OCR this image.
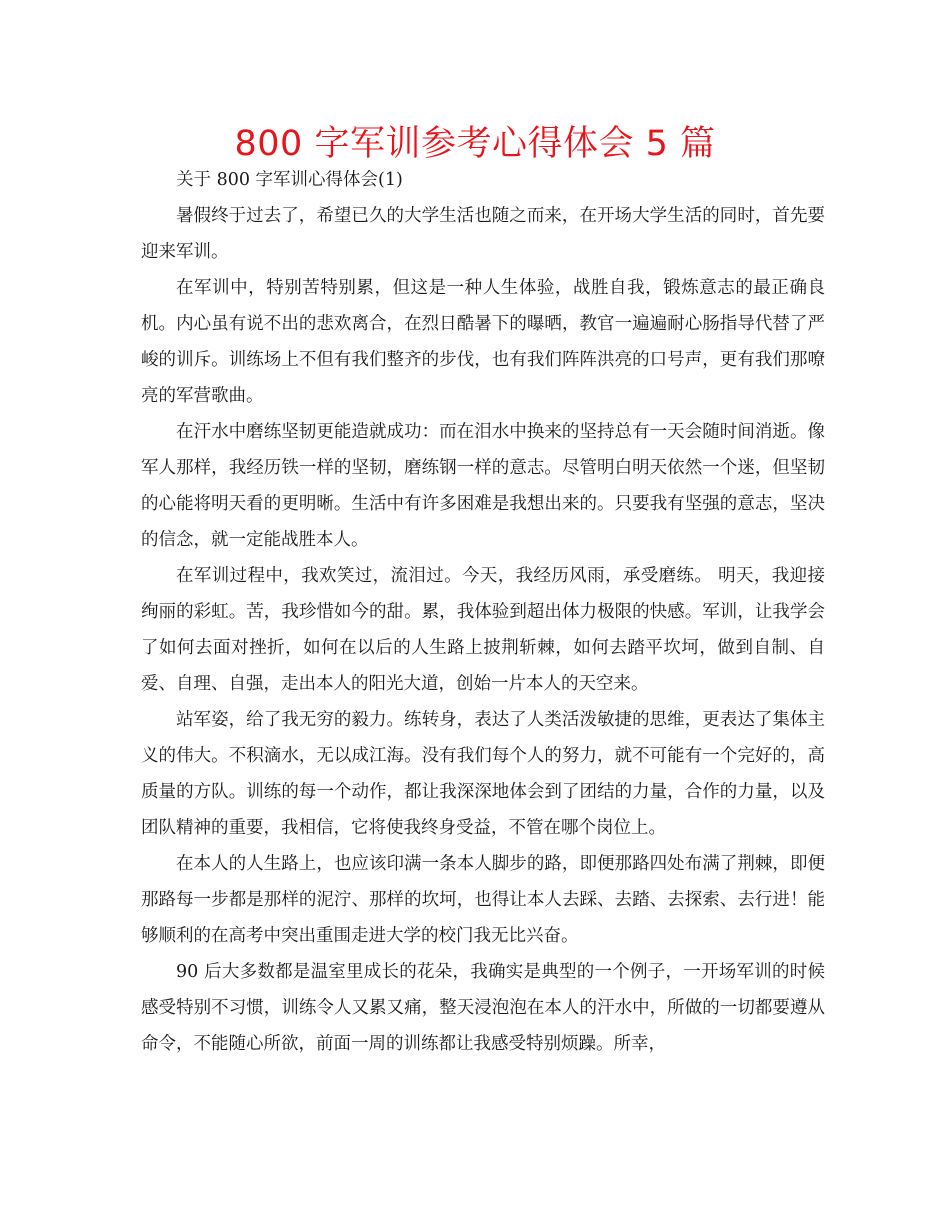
800 字军训参考心得体会 5 篇

关于 800 字军训心得体会(1)

暑假终于过去了，希望已久的大学生活也随之而来，在开场大学生活的同时，首先要迎来军训。

在军训中，特别苦特别累，但这是一种人生体验，战胜自我，锻炼意志的最正确良机。内心虽有说不出的悲欢离合，在烈日酷暑下的曝晒，教官一遍遍耐心肠指导代替了严峻的训斥。训练场上不但有我们整齐的步伐，也有我们阵阵洪亮的口号声，更有我们那嘹亮的军营歌曲。

在汗水中磨练坚韧更能造就成功：而在泪水中换来的坚持总有一天会随时间消逝。像军人那样，我经历铁一样的坚韧，磨练钢一样的意志。尽管明白明天依然一个迷，但坚韧的心能将明天看的更明晰。生活中有许多困难是我想出来的。只要我有坚强的意志，坚决的信念，就一定能战胜本人。

在军训过程中，我欢笑过，流泪过。今天，我经历风雨，承受磨练。 明天，我迎接绚丽的彩虹。苦，我珍惜如今的甜。累，我体验到超出体力极限的快感。军训，让我学会了如何去面对挫折，如何在以后的人生路上披荆斩棘，如何去踏平坎坷，做到自制、自爱、自理、自强，走出本人的阳光大道，创始一片本人的天空来。

站军姿，给了我无穷的毅力。练转身，表达了人类活泼敏捷的思维，更表达了集体主义的伟大。不积滴水，无以成江海。没有我们每个人的努力，就不可能有一个完好的，高质量的方队。训练的每一个动作，都让我深深地体会到了团结的力量，合作的力量，以及团队精神的重要，我相信，它将使我终身受益，不管在哪个岗位上。

在本人的人生路上，也应该印满一条本人脚步的路，即便那路四处布满了荆棘，即便那路每一步都是那样的泥泞、那样的坎坷，也得让本人去踩、去踏、去探索、去行进！能够顺利的在高考中突出重围走进大学的校门我无比兴奋。

90 后大多数都是温室里成长的花朵，我确实是典型的一个例子，一开场军训的时候感受特别不习惯，训练令人又累又痛，整天浸泡泡在本人的汗水中，所做的一切都要遵从命令，不能随心所欲，前面一周的训练都让我感受特别烦躁。所幸，
